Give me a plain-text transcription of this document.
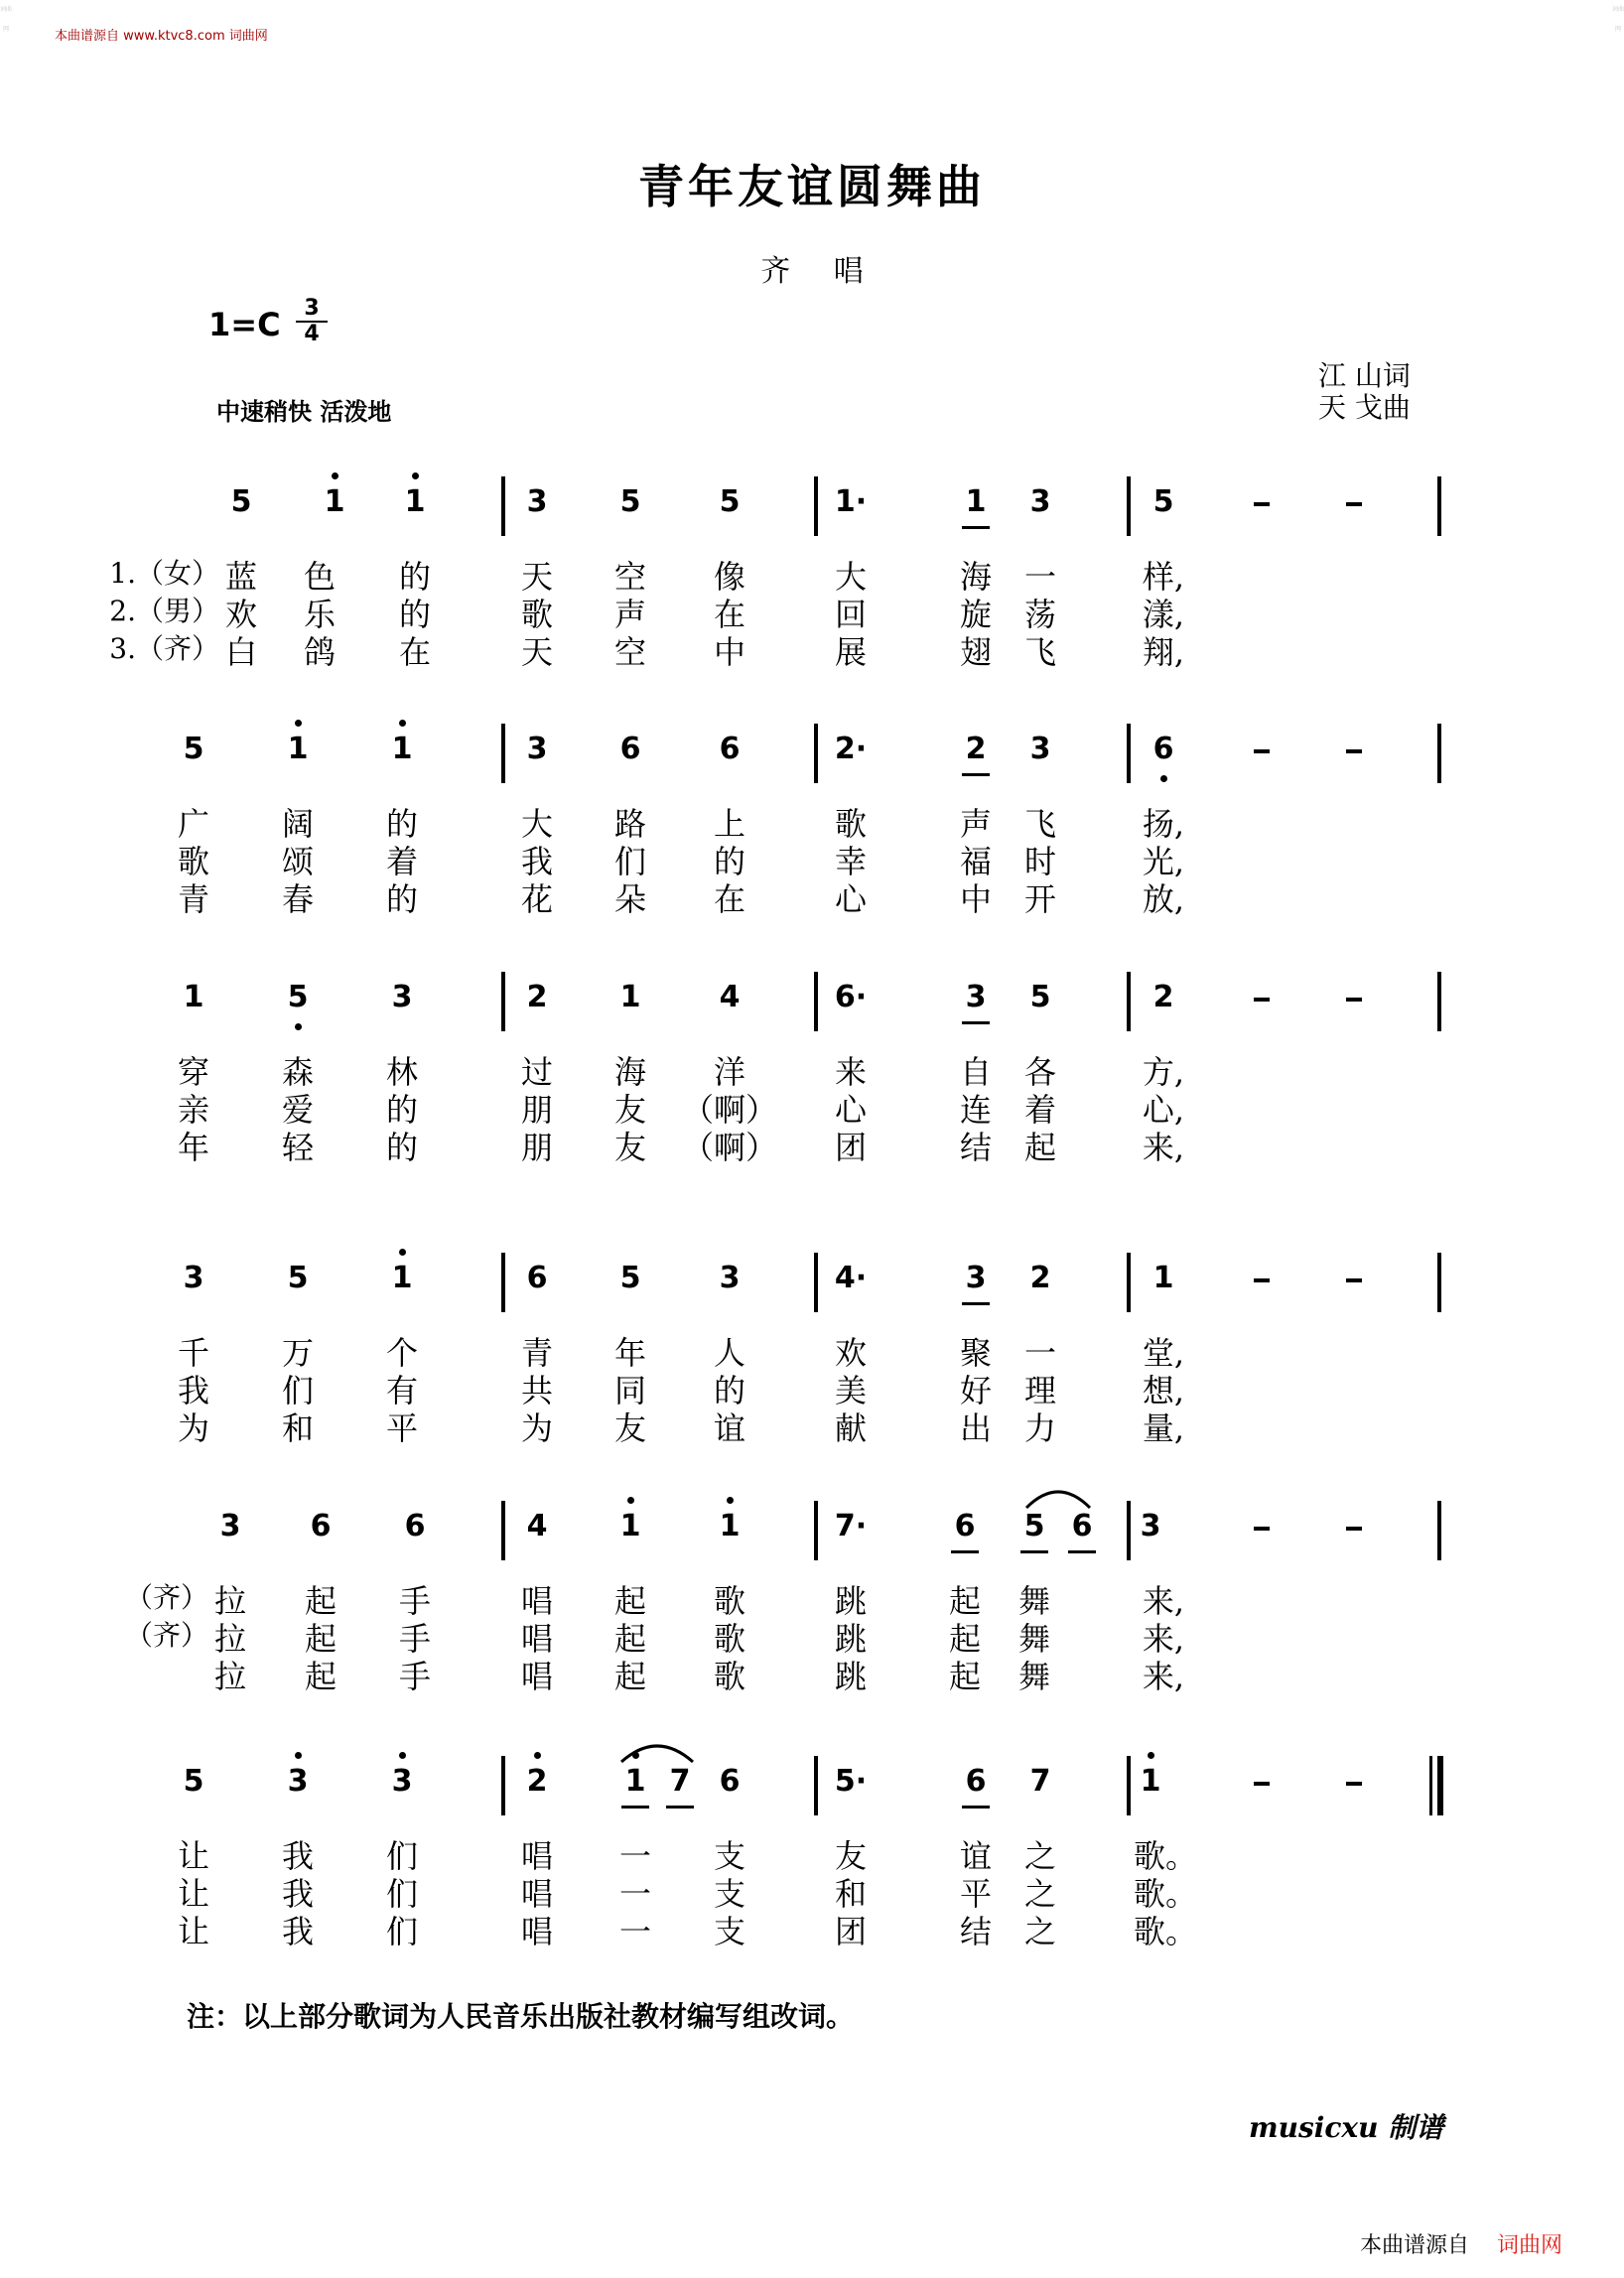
词曲网
词曲网
本曲谱源自 www.ktvc8.com 词曲网
青年友谊圆舞曲
齐 唱
1=C	3
4
中速稍快 活泼地
江 山词
天 戈曲
5	1	1	3	5	5	1·	1	3	5
1.（女） 蓝	色	的	天	空	像	大	海	一	样,
2.（男） 欢	乐	的	歌	声	在	回	旋	荡	漾,
3.（齐） 白	鸽	在	天	空	中	展	翅	飞	翔,
5	1	1	3	6	6	2·	2	3	6
广	阔	的	大	路	上	歌	声	飞	扬,
歌	颂	着	我	们	的	幸	福	时	光,
青	春	的	花	朵	在	心	中	开	放,
1	5	3	2	1	4	6·	3	5	2
穿	森	林	过	海	洋	来	自	各	方,
亲	爱	的	朋	友	（啊）	心	连	着	心,
年	轻	的	朋	友	（啊）	团	结	起	来,
3	5	1	6	5	3	4·	3	2	1
千	万	个	青	年	人	欢	聚	一	堂,
我	们	有	共	同	的	美	好	理	想,
为	和	平	为	友	谊	献	出	力	量,
3	6	6	4	1	1	7·	6	5 6	3
（齐） 拉	起	手	唱	起	歌	跳	起	舞	来,
（齐） 拉	起	手	唱	起	歌	跳	起	舞	来,
拉	起	手	唱	起	歌	跳	起	舞	来,
5	3	3	2	1 7 6	5·	6	7	1
让	我	们	唱	一	支	友	谊	之	歌。
让	我	们	唱	一	支	和	平	之	歌。
让	我	们	唱	一	支	团	结	之	歌。
注：以上部分歌词为人民音乐出版社教材编写组改词。
musicxu 制谱
本曲谱源自 词曲网
